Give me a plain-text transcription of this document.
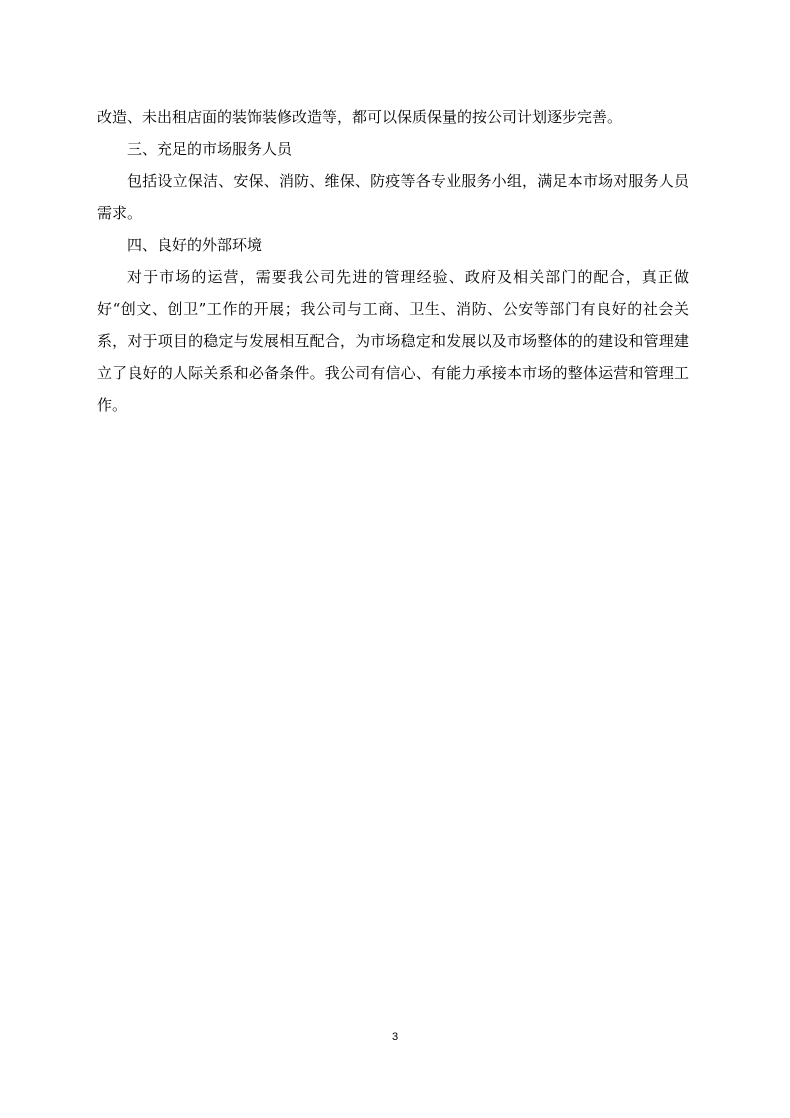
改造、未出租店面的装饰装修改造等，都可以保质保量的按公司计划逐步完善。

三、充足的市场服务人员

包括设立保洁、安保、消防、维保、防疫等各专业服务小组，满足本市场对服务人员需求。

四、良好的外部环境

对于市场的运营，需要我公司先进的管理经验、政府及相关部门的配合，真正做好“创文、创卫”工作的开展；我公司与工商、卫生、消防、公安等部门有良好的社会关系，对于项目的稳定与发展相互配合，为市场稳定和发展以及市场整体的的建设和管理建立了良好的人际关系和必备条件。我公司有信心、有能力承接本市场的整体运营和管理工作。

3
